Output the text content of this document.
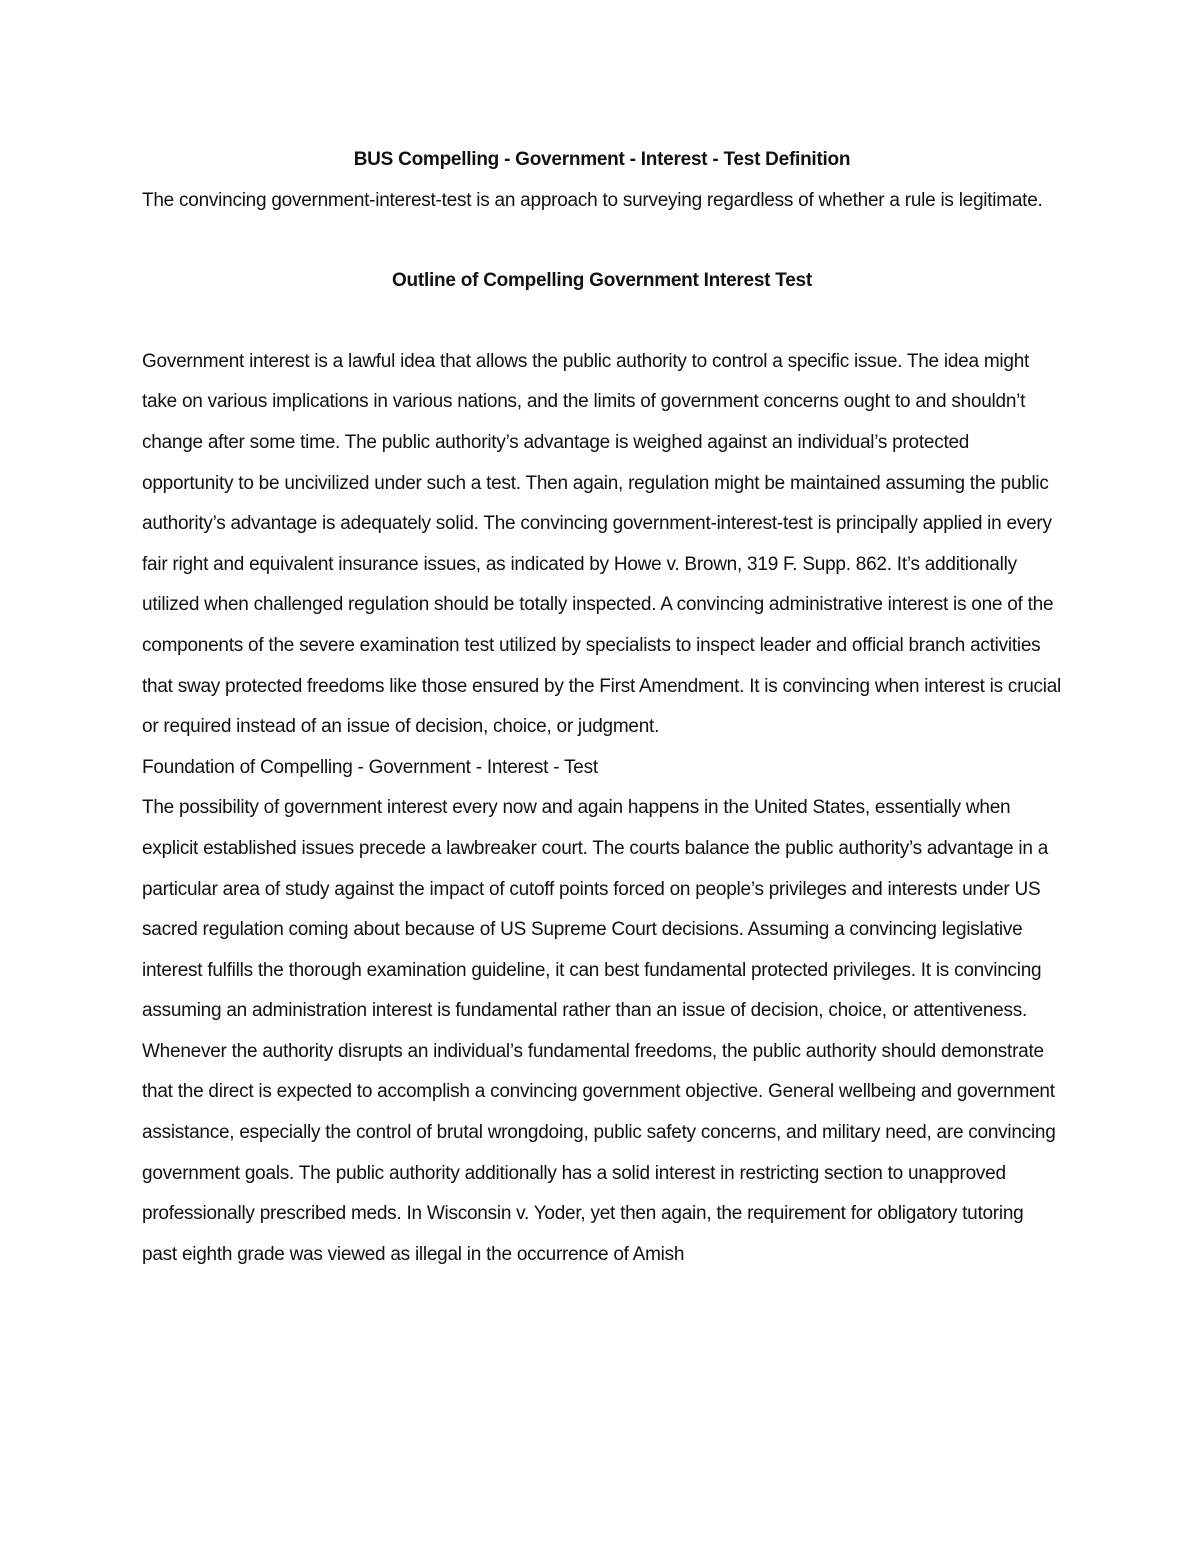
BUS Compelling - Government - Interest - Test Definition

The convincing government-interest-test is an approach to surveying regardless of whether a rule is legitimate.

Outline of Compelling Government Interest Test

Government interest is a lawful idea that allows the public authority to control a specific issue. The idea might take on various implications in various nations, and the limits of government concerns ought to and shouldn’t change after some time. The public authority’s advantage is weighed against an individual’s protected opportunity to be uncivilized under such a test. Then again, regulation might be maintained assuming the public authority’s advantage is adequately solid. The convincing government-interest-test is principally applied in every fair right and equivalent insurance issues, as indicated by Howe v. Brown, 319 F. Supp. 862. It’s additionally utilized when challenged regulation should be totally inspected. A convincing administrative interest is one of the components of the severe examination test utilized by specialists to inspect leader and official branch activities that sway protected freedoms like those ensured by the First Amendment. It is convincing when interest is crucial or required instead of an issue of decision, choice, or judgment.

Foundation of Compelling - Government - Interest - Test

The possibility of government interest every now and again happens in the United States, essentially when explicit established issues precede a lawbreaker court. The courts balance the public authority’s advantage in a particular area of study against the impact of cutoff points forced on people’s privileges and interests under US sacred regulation coming about because of US Supreme Court decisions. Assuming a convincing legislative interest fulfills the thorough examination guideline, it can best fundamental protected privileges. It is convincing assuming an administration interest is fundamental rather than an issue of decision, choice, or attentiveness. Whenever the authority disrupts an individual’s fundamental freedoms, the public authority should demonstrate that the direct is expected to accomplish a convincing government objective. General wellbeing and government assistance, especially the control of brutal wrongdoing, public safety concerns, and military need, are convincing government goals. The public authority additionally has a solid interest in restricting section to unapproved professionally prescribed meds. In Wisconsin v. Yoder, yet then again, the requirement for obligatory tutoring past eighth grade was viewed as illegal in the occurrence of Amish
